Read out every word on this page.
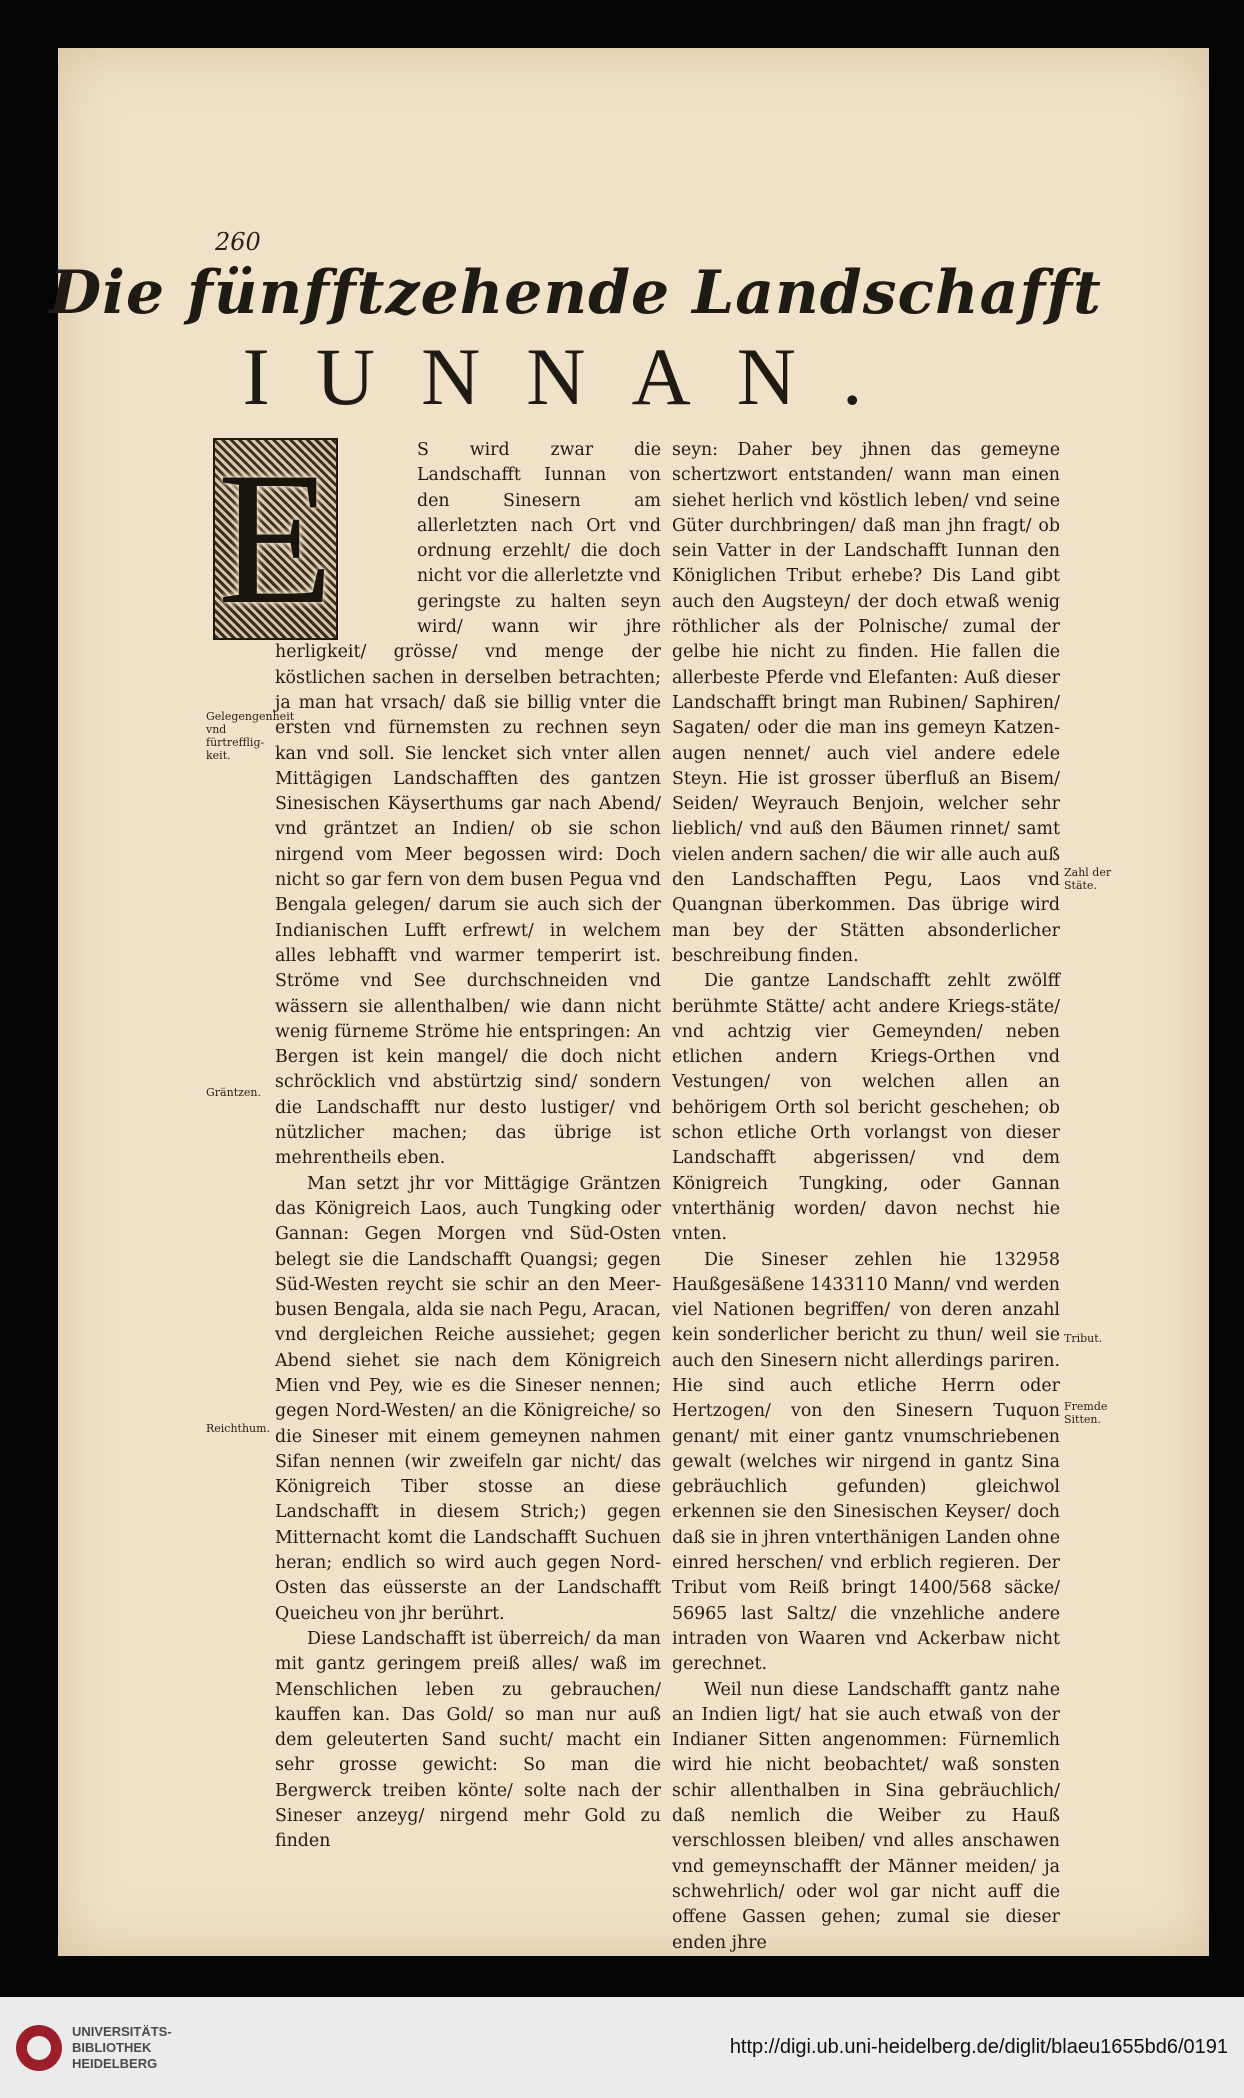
260
Die fünfftzehende Landschafft
IUNNAN.
E	S wird zwar die Landschafft Iunnan von den Sinesern am allerletzten nach Ort vnd ordnung erzehlt/ die doch nicht vor die allerletzte vnd geringste zu halten seyn wird/ wann wir jhre herligkeit/ grösse/ vnd menge der köstlichen sachen in derselben betrachten; ja man hat vrsach/ daß sie billig vnter die ersten vnd fürnemsten zu rechnen seyn kan vnd soll. Sie lencket sich vnter allen Mittägigen Landschafften des gantzen Sinesischen Käyserthums gar nach Abend/ vnd gräntzet an Indien/ ob sie schon nirgend vom Meer begossen wird: Doch nicht so gar fern von dem busen Pegua vnd Bengala gelegen/ darum sie auch sich der Indianischen Lufft erfrewt/ in welchem alles lebhafft vnd warmer temperirt ist. Ströme vnd See durchschneiden vnd wässern sie allenthalben/ wie dann nicht wenig fürneme Ströme hie entspringen: An Bergen ist kein mangel/ die doch nicht schröcklich vnd abstürtzig sind/ sondern die Landschafft nur desto lustiger/ vnd nützlicher machen; das übrige ist mehrentheils eben.

Man setzt jhr vor Mittägige Gräntzen das Königreich Laos, auch Tungking oder Gannan: Gegen Morgen vnd Süd-Osten belegt sie die Landschafft Quangsi; gegen Süd-Westen reycht sie schir an den Meer-busen Bengala, alda sie nach Pegu, Aracan, vnd dergleichen Reiche aussiehet; gegen Abend siehet sie nach dem Königreich Mien vnd Pey, wie es die Sineser nennen; gegen Nord-Westen/ an die Königreiche/ so die Sineser mit einem gemeynen nahmen Sifan nennen (wir zweifeln gar nicht/ das Königreich Tiber stosse an diese Landschafft in diesem Strich;) gegen Mitternacht komt die Landschafft Suchuen heran; endlich so wird auch gegen Nord-Osten das eüsserste an der Landschafft Queicheu von jhr berührt.

Diese Landschafft ist überreich/ da man mit gantz geringem preiß alles/ waß im Menschlichen leben zu gebrauchen/ kauffen kan. Das Gold/ so man nur auß dem geleuterten Sand sucht/ macht ein sehr grosse gewicht: So man die Bergwerck treiben könte/ solte nach der Sineser anzeyg/ nirgend mehr Gold zu finden

seyn: Daher bey jhnen das gemeyne schertzwort entstanden/ wann man einen siehet herlich vnd köstlich leben/ vnd seine Güter durchbringen/ daß man jhn fragt/ ob sein Vatter in der Landschafft Iunnan den Königlichen Tribut erhebe? Dis Land gibt auch den Augsteyn/ der doch etwaß wenig röthlicher als der Polnische/ zumal der gelbe hie nicht zu finden. Hie fallen die allerbeste Pferde vnd Elefanten: Auß dieser Landschafft bringt man Rubinen/ Saphiren/ Sagaten/ oder die man ins gemeyn Katzen-augen nennet/ auch viel andere edele Steyn. Hie ist grosser überfluß an Bisem/ Seiden/ Weyrauch Benjoin, welcher sehr lieblich/ vnd auß den Bäumen rinnet/ samt vielen andern sachen/ die wir alle auch auß den Landschafften Pegu, Laos vnd Quangnan überkommen. Das übrige wird man bey der Stätten absonderlicher beschreibung finden.

Die gantze Landschafft zehlt zwölff berühmte Stätte/ acht andere Kriegs-stäte/ vnd achtzig vier Gemeynden/ neben etlichen andern Kriegs-Orthen vnd Vestungen/ von welchen allen an behörigem Orth sol bericht geschehen; ob schon etliche Orth vorlangst von dieser Landschafft abgerissen/ vnd dem Königreich Tungking, oder Gannan vnterthänig worden/ davon nechst hie vnten.

Die Sineser zehlen hie 132958 Haußgesäßene 1433110 Mann/ vnd werden viel Nationen begriffen/ von deren anzahl kein sonderlicher bericht zu thun/ weil sie auch den Sinesern nicht allerdings pariren. Hie sind auch etliche Herrn oder Hertzogen/ von den Sinesern Tuquon genant/ mit einer gantz vnumschriebenen gewalt (welches wir nirgend in gantz Sina gebräuchlich gefunden) gleichwol erkennen sie den Sinesischen Keyser/ doch daß sie in jhren vnterthänigen Landen ohne einred herschen/ vnd erblich regieren. Der Tribut vom Reiß bringt 1400/568 säcke/ 56965 last Saltz/ die vnzehliche andere intraden von Waaren vnd Ackerbaw nicht gerechnet.

Weil nun diese Landschafft gantz nahe an Indien ligt/ hat sie auch etwaß von der Indianer Sitten angenommen: Fürnemlich wird hie nicht beobachtet/ waß sonsten schir allenthalben in Sina gebräuchlich/ daß nemlich die Weiber zu Hauß verschlossen bleiben/ vnd alles anschawen vnd gemeynschafft der Männer meiden/ ja schwehrlich/ oder wol gar nicht auff die offene Gassen gehen; zumal sie dieser enden jhre

Gelegengenheit vnd fürtrefflig-keit.
Gräntzen.
Reichthum.
Zahl der Stäte.
Tribut.
Fremde Sitten.
UNIVERSITÄTS-
BIBLIOTHEK
HEIDELBERG
http://digi.ub.uni-heidelberg.de/diglit/blaeu1655bd6/0191
